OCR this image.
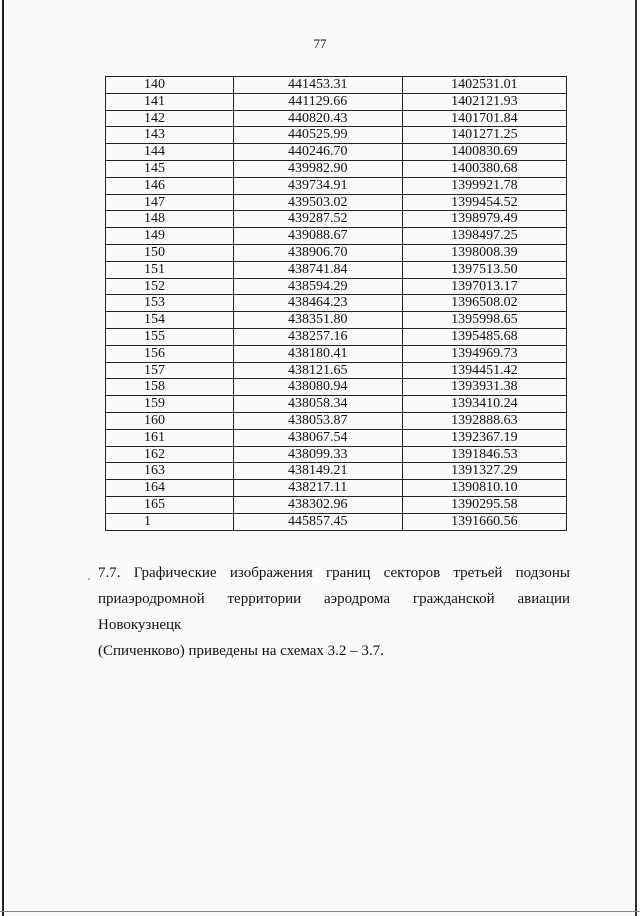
77
140	441453.31	1402531.01
141	441129.66	1402121.93
142	440820.43	1401701.84
143	440525.99	1401271.25
144	440246.70	1400830.69
145	439982.90	1400380.68
146	439734.91	1399921.78
147	439503.02	1399454.52
148	439287.52	1398979.49
149	439088.67	1398497.25
150	438906.70	1398008.39
151	438741.84	1397513.50
152	438594.29	1397013.17
153	438464.23	1396508.02
154	438351.80	1395998.65
155	438257.16	1395485.68
156	438180.41	1394969.73
157	438121.65	1394451.42
158	438080.94	1393931.38
159	438058.34	1393410.24
160	438053.87	1392888.63
161	438067.54	1392367.19
162	438099.33	1391846.53
163	438149.21	1391327.29
164	438217.11	1390810.10
165	438302.96	1390295.58
1	445857.45	1391660.56
7.7. Графические изображения границ секторов третьей подзоны
приаэродромной территории аэродрома гражданской авиации Новокузнецк
(Спиченково) приведены на схемах 3.2 – 3.7.
